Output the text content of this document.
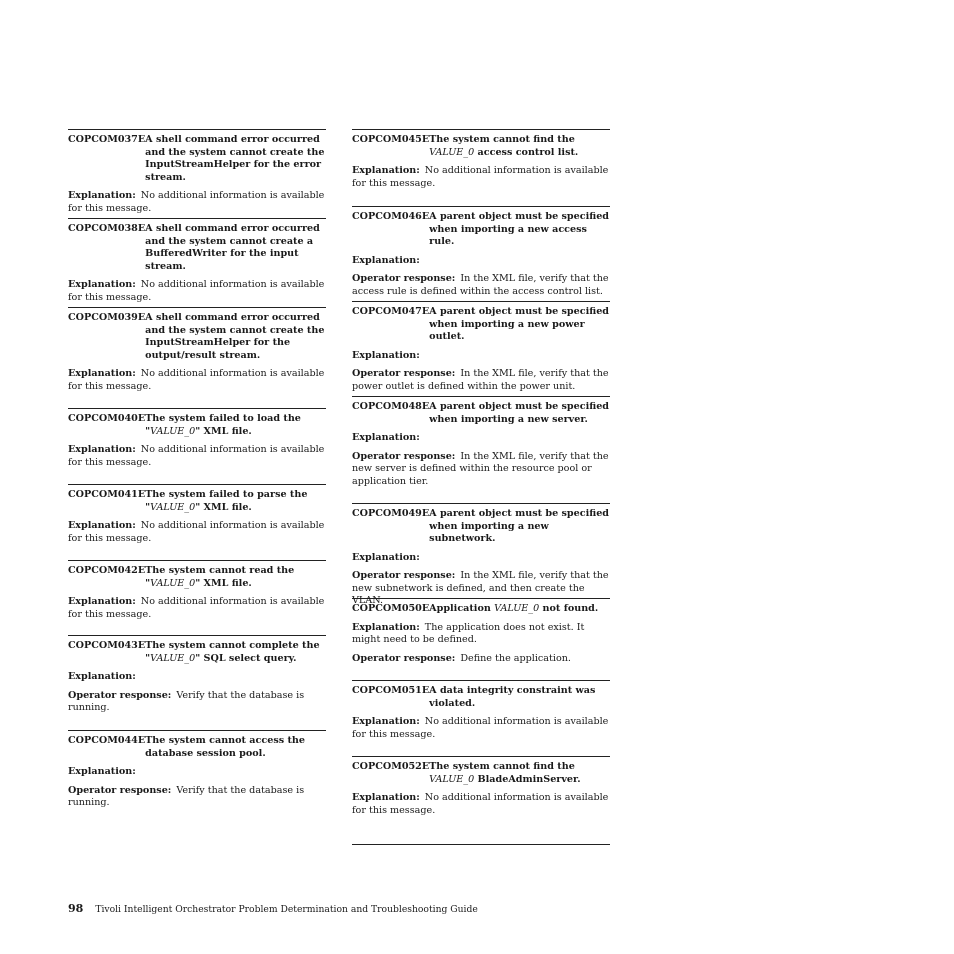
COPCOM037E A shell command error occurred and the system cannot create the InputStreamHelper for the error stream.
Explanation: No additional information is available for this message.
COPCOM038E A shell command error occurred and the system cannot create a BufferedWriter for the input stream.
Explanation: No additional information is available for this message.
COPCOM039E A shell command error occurred and the system cannot create the InputStreamHelper for the output/result stream.
Explanation: No additional information is available for this message.
COPCOM040E The system failed to load the "VALUE_0" XML file.
Explanation: No additional information is available for this message.
COPCOM041E The system failed to parse the "VALUE_0" XML file.
Explanation: No additional information is available for this message.
COPCOM042E The system cannot read the "VALUE_0" XML file.
Explanation: No additional information is available for this message.
COPCOM043E The system cannot complete the "VALUE_0" SQL select query.
Explanation:
Operator response: Verify that the database is running.
COPCOM044E The system cannot access the database session pool.
Explanation:
Operator response: Verify that the database is running.
COPCOM045E The system cannot find the VALUE_0 access control list.
Explanation: No additional information is available for this message.
COPCOM046E A parent object must be specified when importing a new access rule.
Explanation:
Operator response: In the XML file, verify that the access rule is defined within the access control list.
COPCOM047E A parent object must be specified when importing a new power outlet.
Explanation:
Operator response: In the XML file, verify that the power outlet is defined within the power unit.
COPCOM048E A parent object must be specified when importing a new server.
Explanation:
Operator response: In the XML file, verify that the new server is defined within the resource pool or application tier.
COPCOM049E A parent object must be specified when importing a new subnetwork.
Explanation:
Operator response: In the XML file, verify that the new subnetwork is defined, and then create the VLAN.
COPCOM050E Application VALUE_0 not found.
Explanation: The application does not exist. It might need to be defined.
Operator response: Define the application.
COPCOM051E A data integrity constraint was violated.
Explanation: No additional information is available for this message.
COPCOM052E The system cannot find the VALUE_0 BladeAdminServer.
Explanation: No additional information is available for this message.
98 Tivoli Intelligent Orchestrator Problem Determination and Troubleshooting Guide
